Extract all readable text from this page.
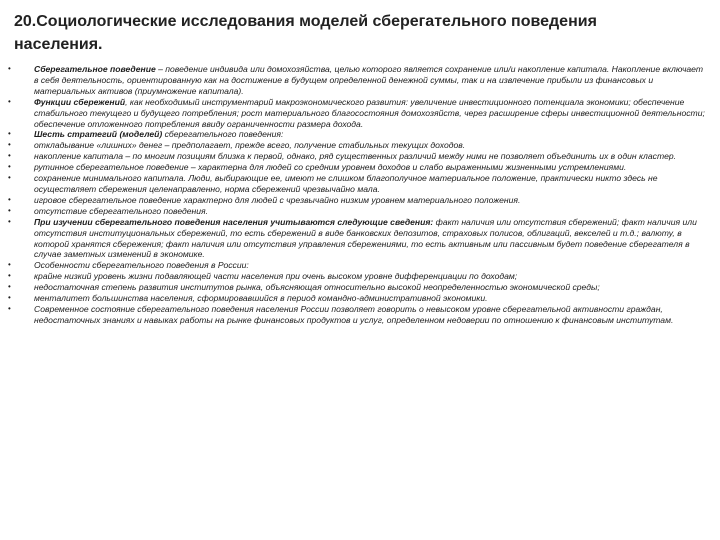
20.Социологические исследования моделей сберегательного поведения
населения.
•	Сберегательное поведение – поведение индивида или домохозяйства, целью которого является сохранение или/и накопление капитала. Накопление включает в себя деятельность, ориентированную как на достижение в будущем определенной денежной суммы, так и на извлечение прибыли из финансовых и материальных активов (приумножение капитала).
•	Функции сбережений, как необходимый инструментарий макроэкономического развития: увеличение инвестиционного потенциала экономики; обеспечение стабильного текущего и будущего потребления; рост материального благосостояния домохозяйств, через расширение сферы инвестиционной деятельности; обеспечение отложенного потребления ввиду ограниченности размера дохода.
•	Шесть стратегий (моделей) сберегательного поведения:
•	откладывание «лишних» денег – предполагает, прежде всего, получение стабильных текущих доходов.
•	накопление капитала – по многим позициям близка к первой, однако, ряд существенных различий между ними не позволяет объединить их в один кластер.
•	рутинное сберегательное поведение – характерна для людей со средним уровнем доходов и слабо выраженными жизненными устремлениями.
•	сохранение минимального капитала. Люди, выбирающие ее, имеют не слишком благополучное материальное положение, практически никто здесь не осуществляет сбережения целенаправленно, норма сбережений чрезвычайно мала.
•	игровое сберегательное поведение характерно для людей с чрезвычайно низким уровнем материального положения.
•	отсутствие сберегательного поведения.
•	При изучении сберегательного поведения населения учитываются следующие сведения: факт наличия или отсутствия сбережений; факт наличия или отсутствия институциональных сбережений, то есть сбережений в виде банковских депозитов, страховых полисов, облигаций, векселей и т.д.; валюту, в которой хранятся сбережения; факт наличия или отсутствия управления сбережениями, то есть активным или пассивным будет поведение сберегателя в случае заметных изменений в экономике.
•	Особенности сберегательного поведения в России:
•	крайне низкий уровень жизни подавляющей части населения при очень высоком уровне дифференциации по доходам;
•	недостаточная степень развития институтов рынка, объясняющая относительно высокой неопределенностью экономической среды;
•	менталитет большинства населения, сформировавшийся в период командно-административной экономики.
•	Современное состояние сберегательного поведения населения России позволяет говорить о невысоком уровне сберегательной активности граждан, недостаточных знаниях и навыках работы на рынке финансовых продуктов и услуг, определенном недоверии по отношению к финансовым институтам.
